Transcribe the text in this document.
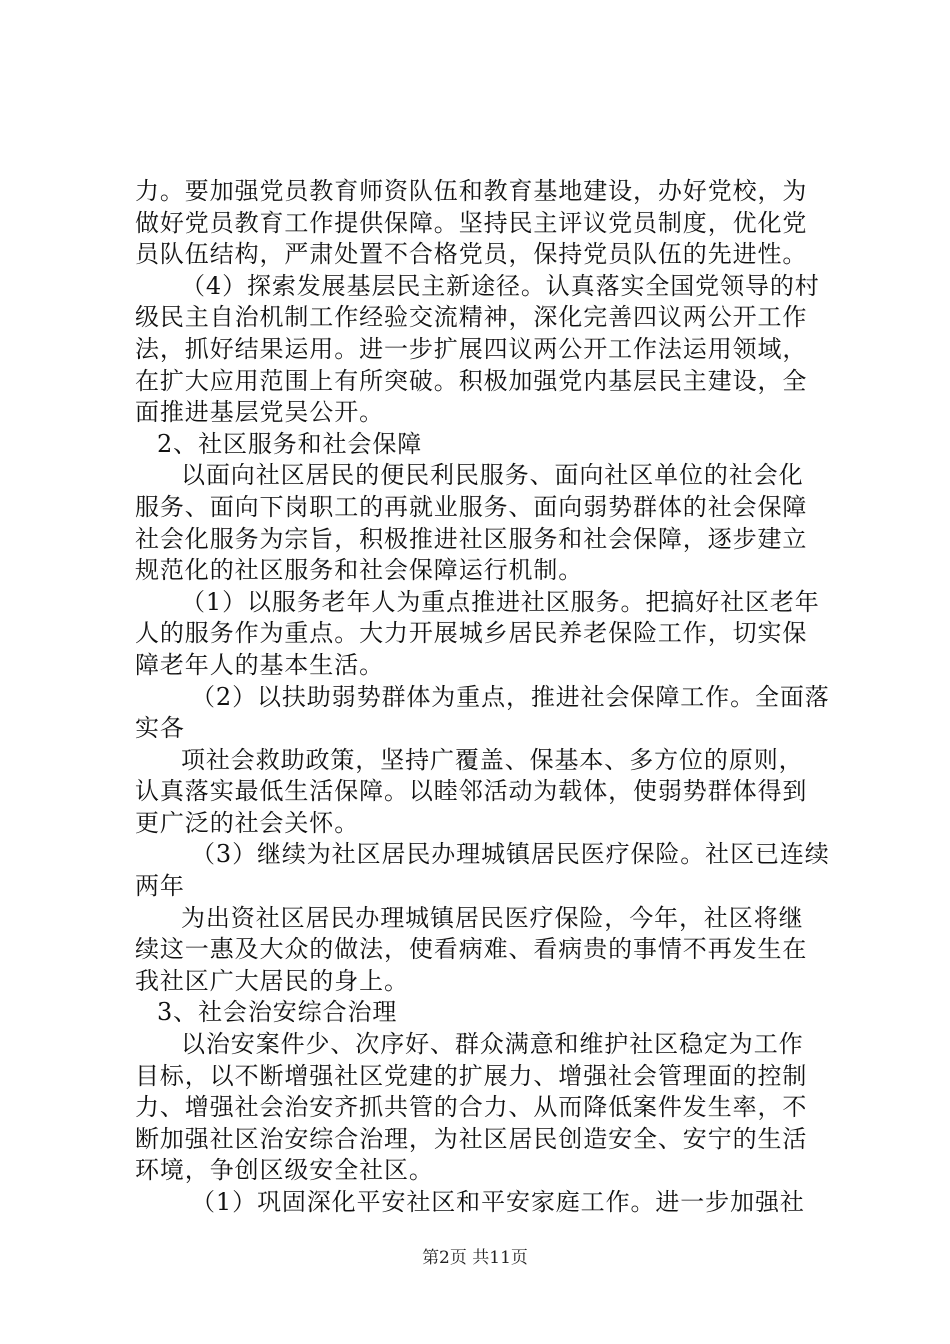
力。要加强党员教育师资队伍和教育基地建设，办好党校，为
做好党员教育工作提供保障。坚持民主评议党员制度，优化党
员队伍结构，严肃处置不合格党员，保持党员队伍的先进性。
（4）探索发展基层民主新途径。认真落实全国党领导的村
级民主自治机制工作经验交流精神，深化完善四议两公开工作
法，抓好结果运用。进一步扩展四议两公开工作法运用领域，
在扩大应用范围上有所突破。积极加强党内基层民主建设，全
面推进基层党吴公开。
2、社区服务和社会保障
以面向社区居民的便民利民服务、面向社区单位的社会化
服务、面向下岗职工的再就业服务、面向弱势群体的社会保障
社会化服务为宗旨，积极推进社区服务和社会保障，逐步建立
规范化的社区服务和社会保障运行机制。
（1）以服务老年人为重点推进社区服务。把搞好社区老年
人的服务作为重点。大力开展城乡居民养老保险工作，切实保
障老年人的基本生活。
（2）以扶助弱势群体为重点，推进社会保障工作。全面落
实各
项社会救助政策，坚持广覆盖、保基本、多方位的原则，
认真落实最低生活保障。以睦邻活动为载体，使弱势群体得到
更广泛的社会关怀。
（3）继续为社区居民办理城镇居民医疗保险。社区已连续
两年
为出资社区居民办理城镇居民医疗保险，今年，社区将继
续这一惠及大众的做法，使看病难、看病贵的事情不再发生在
我社区广大居民的身上。
3、社会治安综合治理
以治安案件少、次序好、群众满意和维护社区稳定为工作
目标，以不断增强社区党建的扩展力、增强社会管理面的控制
力、增强社会治安齐抓共管的合力、从而降低案件发生率，不
断加强社区治安综合治理，为社区居民创造安全、安宁的生活
环境，争创区级安全社区。
（1）巩固深化平安社区和平安家庭工作。进一步加强社
第2页 共11页
